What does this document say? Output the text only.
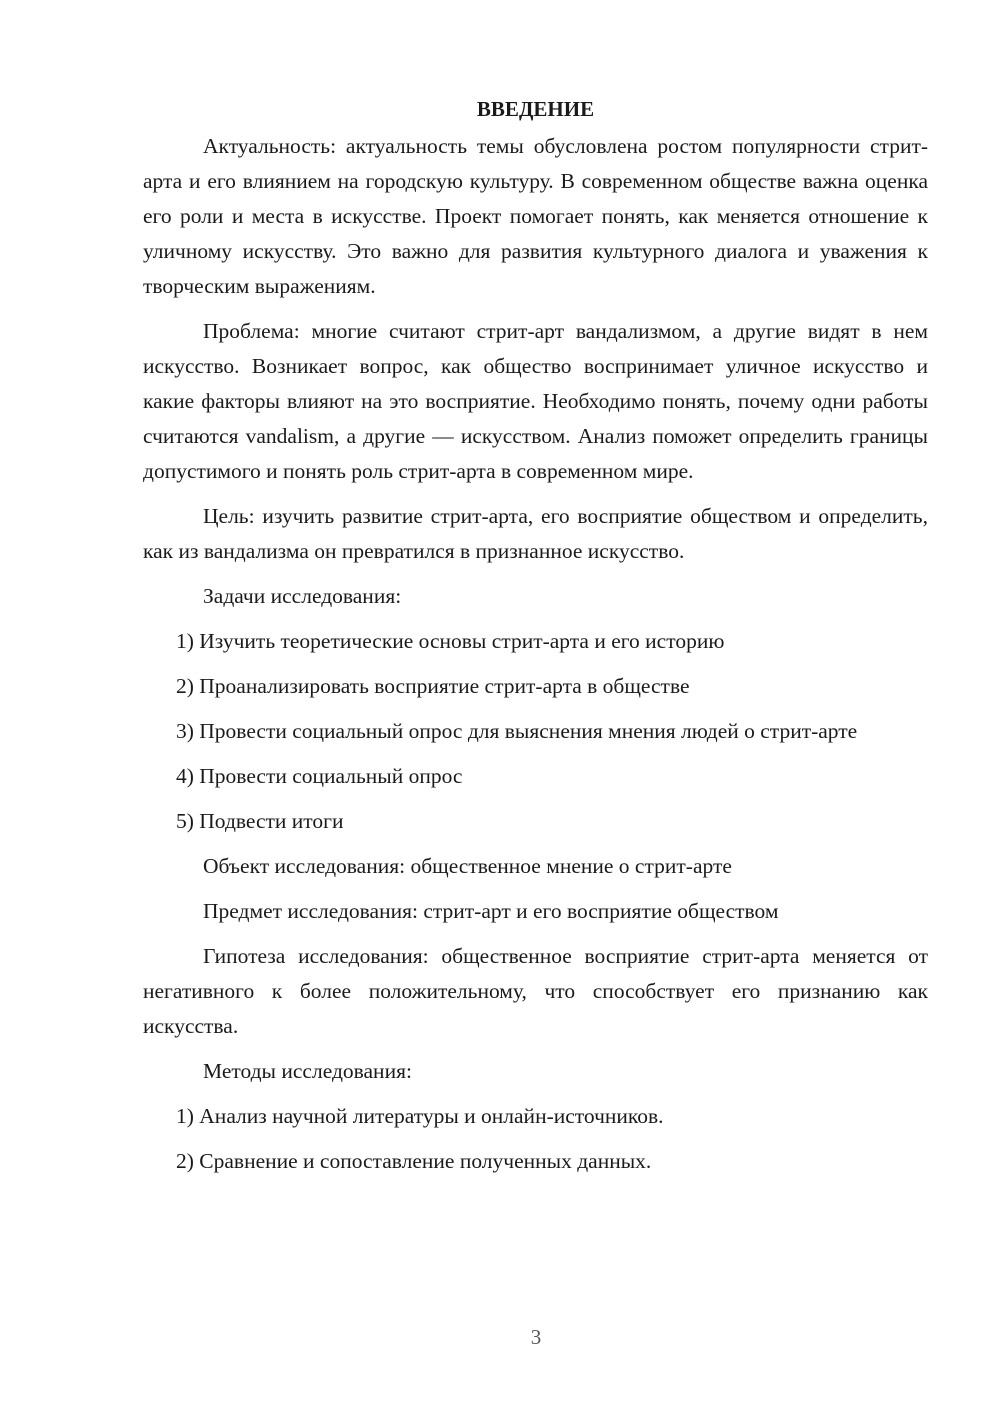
ВВЕДЕНИЕ

Актуальность: актуальность темы обусловлена ростом популярности стрит-арта и его влиянием на городскую культуру. В современном обществе важна оценка его роли и места в искусстве. Проект помогает понять, как меняется отношение к уличному искусству. Это важно для развития культурного диалога и уважения к творческим выражениям.

Проблема: многие считают стрит-арт вандализмом, а другие видят в нем искусство. Возникает вопрос, как общество воспринимает уличное искусство и какие факторы влияют на это восприятие. Необходимо понять, почему одни работы считаются vandalism, а другие — искусством. Анализ поможет определить границы допустимого и понять роль стрит-арта в современном мире.

Цель: изучить развитие стрит-арта, его восприятие обществом и определить, как из вандализма он превратился в признанное искусство.

Задачи исследования:

1) Изучить теоретические основы стрит-арта и его историю

2) Проанализировать восприятие стрит-арта в обществе

3) Провести социальный опрос для выяснения мнения людей о стрит-арте

4) Провести социальный опрос

5) Подвести итоги

Объект исследования: общественное мнение о стрит-арте

Предмет исследования: стрит-арт и его восприятие обществом

Гипотеза исследования: общественное восприятие стрит-арта меняется от негативного к более положительному, что способствует его признанию как искусства.

Методы исследования:

1) Анализ научной литературы и онлайн-источников.

2) Сравнение и сопоставление полученных данных.

3
